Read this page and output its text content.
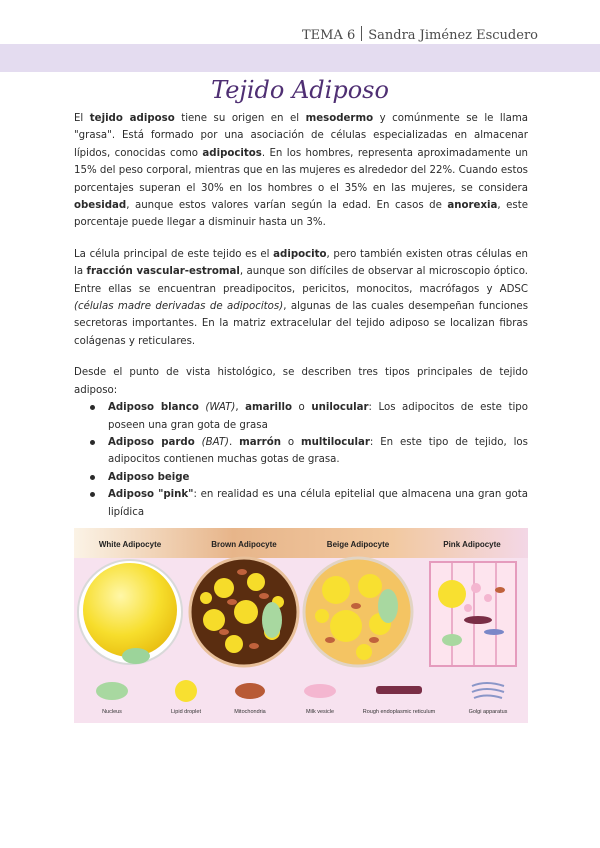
TEMA 6 Sandra Jiménez Escudero
Tejido Adiposo

El tejido adiposo tiene su origen en el mesodermo y comúnmente se le llama "grasa". Está formado por una asociación de células especializadas en almacenar lípidos, conocidas como adipocitos. En los hombres, representa aproximadamente un 15% del peso corporal, mientras que en las mujeres es alrededor del 22%. Cuando estos porcentajes superan el 30% en los hombres o el 35% en las mujeres, se considera obesidad, aunque estos valores varían según la edad. En casos de anorexia, este porcentaje puede llegar a disminuir hasta un 3%.

La célula principal de este tejido es el adipocito, pero también existen otras células en la fracción vascular-estromal, aunque son difíciles de observar al microscopio óptico. Entre ellas se encuentran preadipocitos, pericitos, monocitos, macrófagos y ADSC (células madre derivadas de adipocitos), algunas de las cuales desempeñan funciones secretoras importantes. En la matriz extracelular del tejido adiposo se localizan fibras colágenas y reticulares.

Desde el punto de vista histológico, se describen tres tipos principales de tejido adiposo:

Adiposo blanco (WAT), amarillo o unilocular: Los adipocitos de este tipo poseen una gran gota de grasa
Adiposo pardo (BAT). marrón o multilocular: En este tipo de tejido, los adipocitos contienen muchas gotas de grasa.
Adiposo beige
Adiposo "pink": en realidad es una célula epitelial que almacena una gran gota lipídica
White Adipocyte	Brown Adipocyte	Beige Adipocyte	Pink Adipocyte
Nucleus	Lipid droplet	Mitochondria	Milk vesicle	Rough endoplasmic reticulum	Golgi apparatus
